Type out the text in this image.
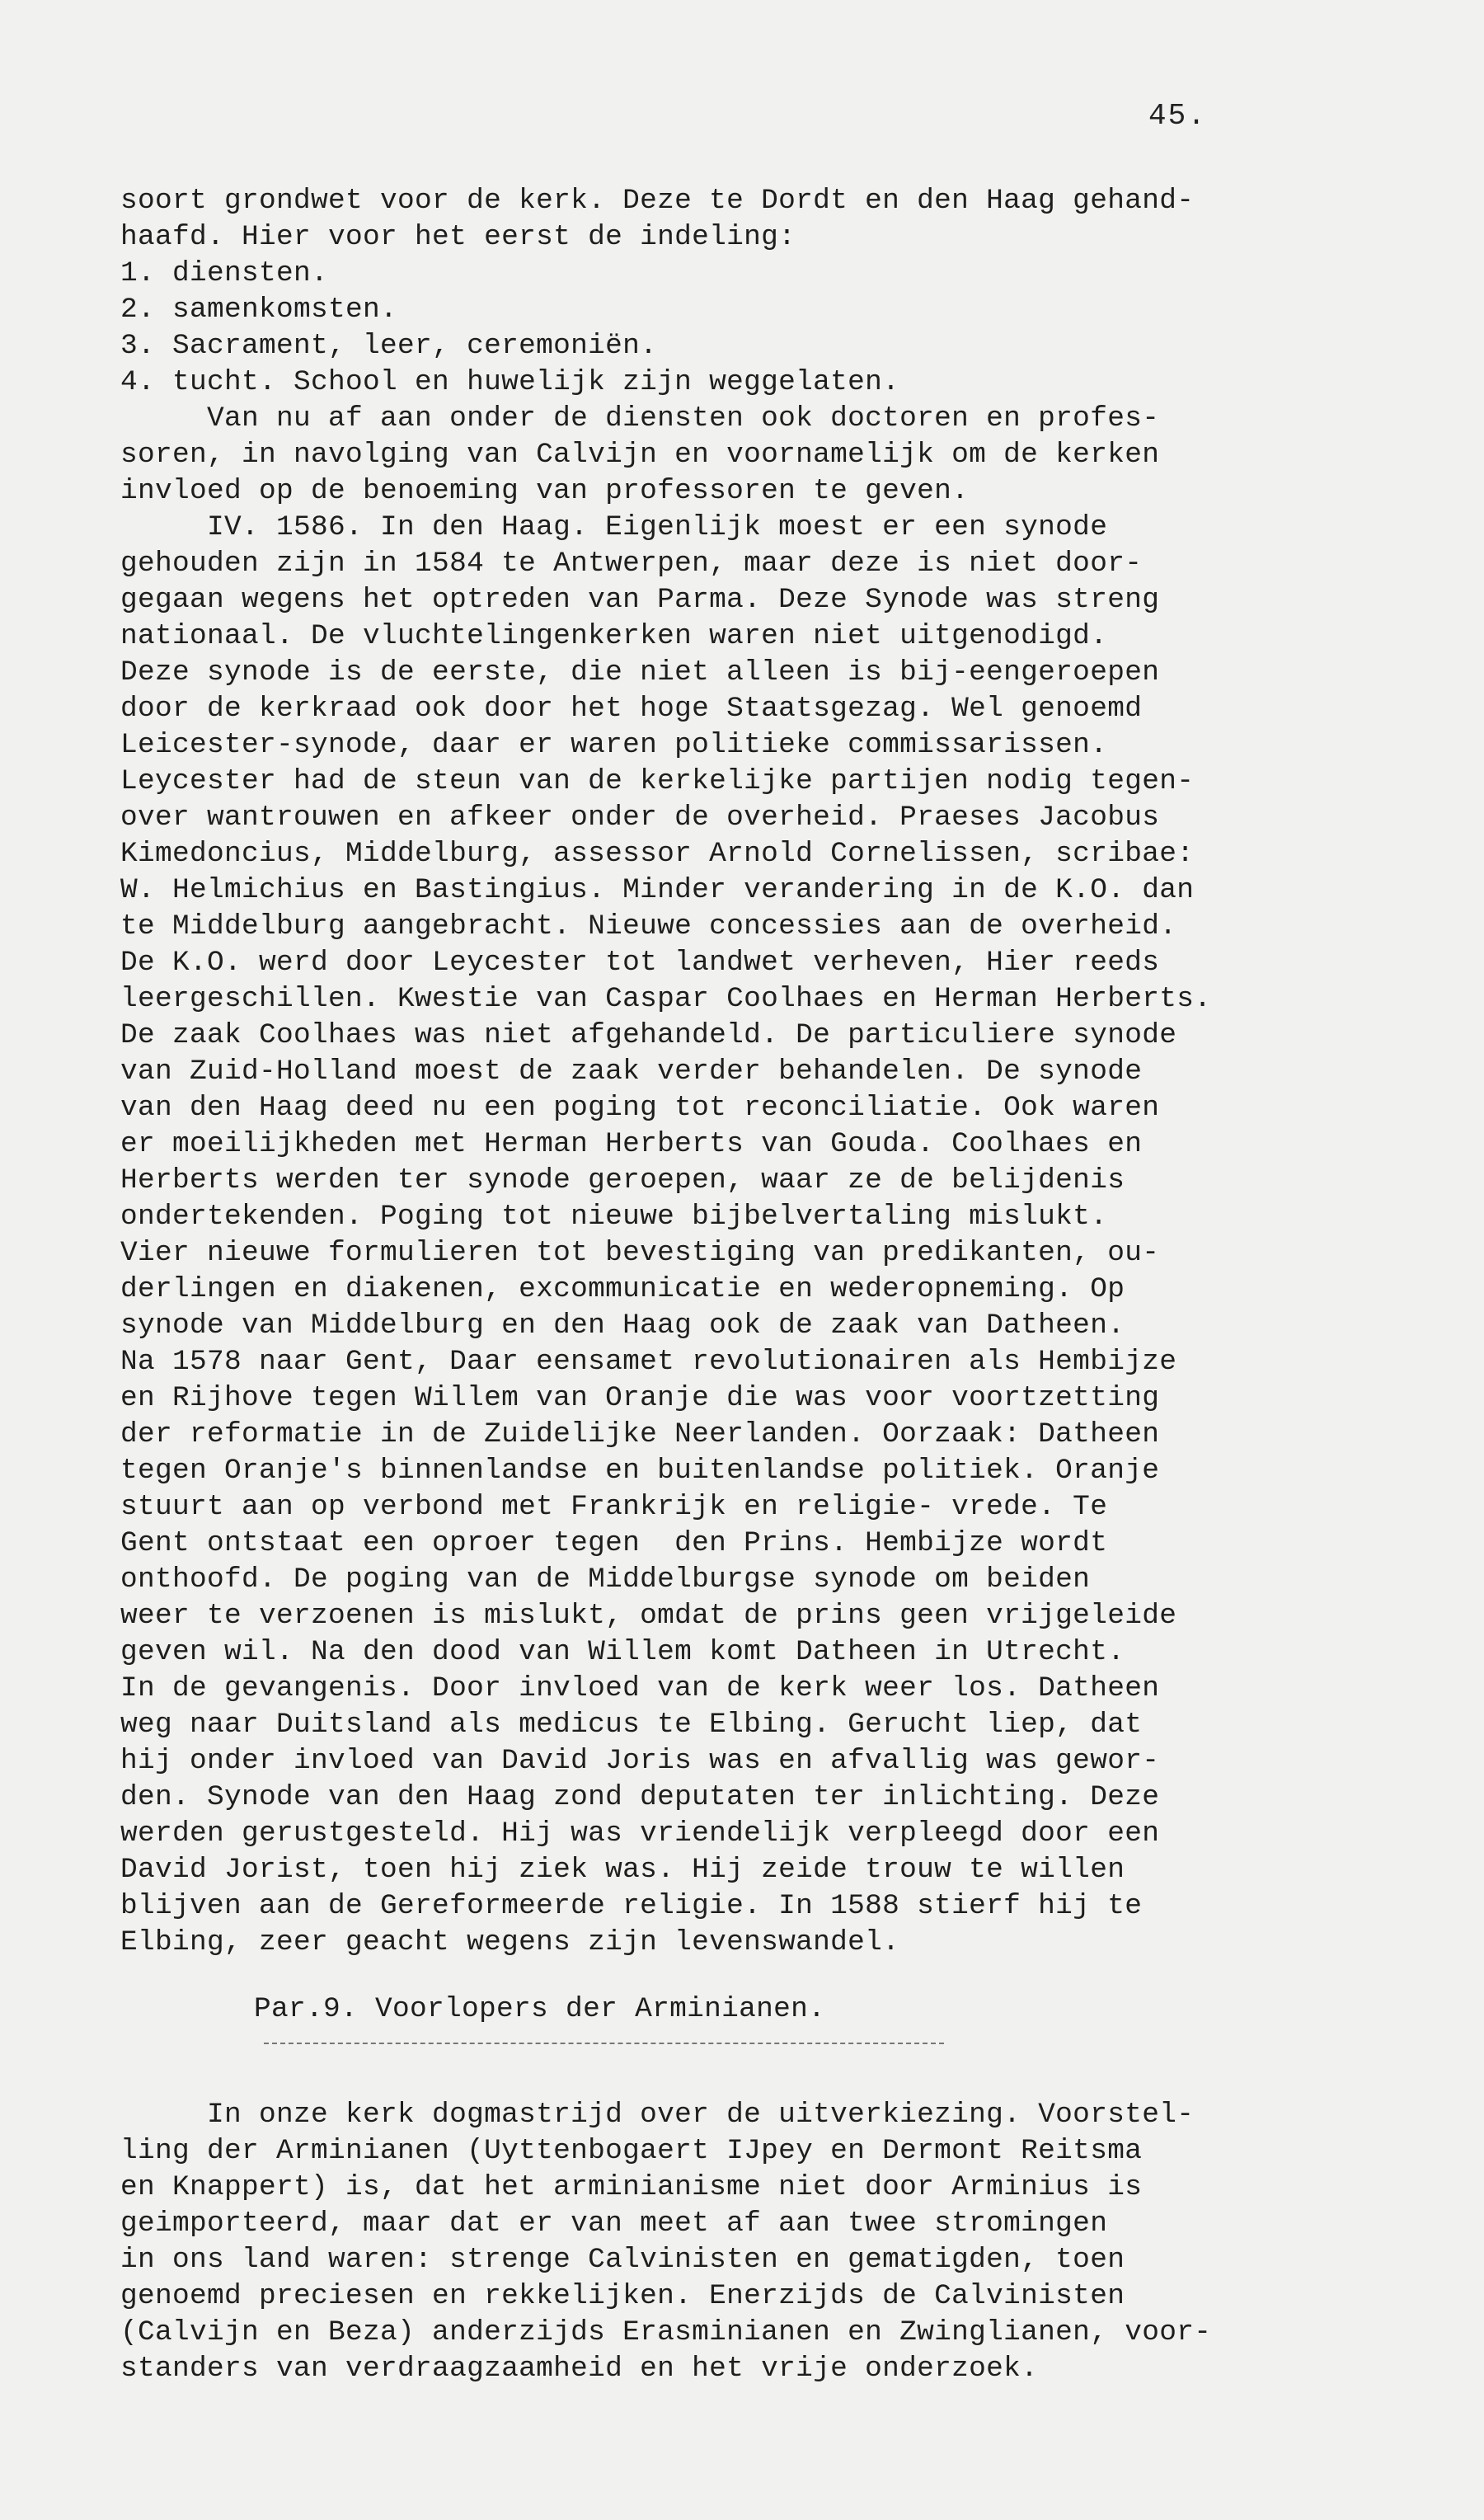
45.
soort grondwet voor de kerk. Deze te Dordt en den Haag gehand-
haafd. Hier voor het eerst de indeling:
1. diensten.
2. samenkomsten.
3. Sacrament, leer, ceremoniën.
4. tucht. School en huwelijk zijn weggelaten.
Van nu af aan onder de diensten ook doctoren en profes-
soren, in navolging van Calvijn en voornamelijk om de kerken
invloed op de benoeming van professoren te geven.
IV. 1586. In den Haag. Eigenlijk moest er een synode
gehouden zijn in 1584 te Antwerpen, maar deze is niet door-
gegaan wegens het optreden van Parma. Deze Synode was streng
nationaal. De vluchtelingenkerken waren niet uitgenodigd.
Deze synode is de eerste, die niet alleen is bij-eengeroepen
door de kerkraad ook door het hoge Staatsgezag. Wel genoemd
Leicester-synode, daar er waren politieke commissarissen.
Leycester had de steun van de kerkelijke partijen nodig tegen-
over wantrouwen en afkeer onder de overheid. Praeses Jacobus
Kimedoncius, Middelburg, assessor Arnold Cornelissen, scribae:
W. Helmichius en Bastingius. Minder verandering in de K.O. dan
te Middelburg aangebracht. Nieuwe concessies aan de overheid.
De K.O. werd door Leycester tot landwet verheven, Hier reeds
leergeschillen. Kwestie van Caspar Coolhaes en Herman Herberts.
De zaak Coolhaes was niet afgehandeld. De particuliere synode
van Zuid-Holland moest de zaak verder behandelen. De synode
van den Haag deed nu een poging tot reconciliatie. Ook waren
er moeilijkheden met Herman Herberts van Gouda. Coolhaes en
Herberts werden ter synode geroepen, waar ze de belijdenis
ondertekenden. Poging tot nieuwe bijbelvertaling mislukt.
Vier nieuwe formulieren tot bevestiging van predikanten, ou-
derlingen en diakenen, excommunicatie en wederopneming. Op
synode van Middelburg en den Haag ook de zaak van Datheen.
Na 1578 naar Gent, Daar eensamet revolutionairen als Hembijze
en Rijhove tegen Willem van Oranje die was voor voortzetting
der reformatie in de Zuidelijke Neerlanden. Oorzaak: Datheen
tegen Oranje's binnenlandse en buitenlandse politiek. Oranje
stuurt aan op verbond met Frankrijk en religie- vrede. Te
Gent ontstaat een oproer tegen  den Prins. Hembijze wordt
onthoofd. De poging van de Middelburgse synode om beiden
weer te verzoenen is mislukt, omdat de prins geen vrijgeleide
geven wil. Na den dood van Willem komt Datheen in Utrecht.
In de gevangenis. Door invloed van de kerk weer los. Datheen
weg naar Duitsland als medicus te Elbing. Gerucht liep, dat
hij onder invloed van David Joris was en afvallig was gewor-
den. Synode van den Haag zond deputaten ter inlichting. Deze
werden gerustgesteld. Hij was vriendelijk verpleegd door een
David Jorist, toen hij ziek was. Hij zeide trouw te willen
blijven aan de Gereformeerde religie. In 1588 stierf hij te
Elbing, zeer geacht wegens zijn levenswandel.
Par.9. Voorlopers der Arminianen.
In onze kerk dogmastrijd over de uitverkiezing. Voorstel-
ling der Arminianen (Uyttenbogaert IJpey en Dermont Reitsma
en Knappert) is, dat het arminianisme niet door Arminius is
geimporteerd, maar dat er van meet af aan twee stromingen
in ons land waren: strenge Calvinisten en gematigden, toen
genoemd preciesen en rekkelijken. Enerzijds de Calvinisten
(Calvijn en Beza) anderzijds Erasminianen en Zwinglianen, voor-
standers van verdraagzaamheid en het vrije onderzoek.
